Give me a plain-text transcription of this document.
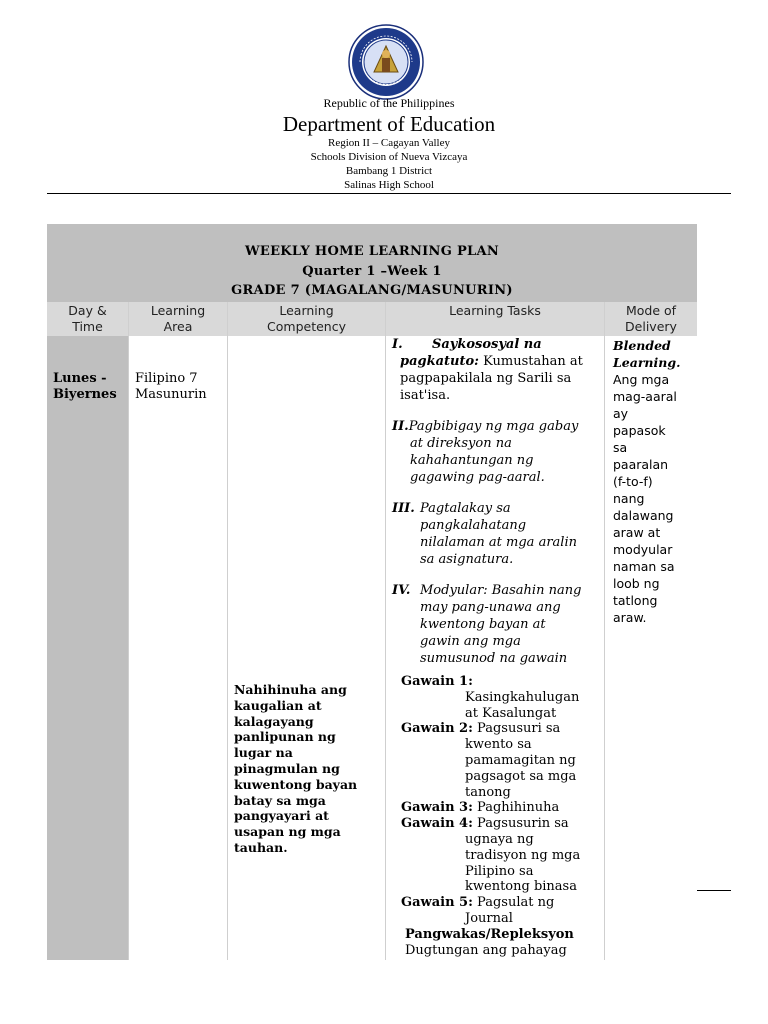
Republic of the Philippines
Department of Education
Region II – Cagayan Valley
Schools Division of Nueva Vizcaya
Bambang 1 District
Salinas High School
WEEKLY HOME LEARNING PLAN
Quarter 1 –Week 1
GRADE 7 (MAGALANG/MASUNURIN)
Day &
Time
Learning
Area
Learning
Competency
Learning Tasks	Mode of
Delivery
Lunes -
Biyernes
Filipino 7
Masunurin
Nahihinuha ang
kaugalian at
kalagayang
panlipunan ng
lugar na
pinagmulan ng
kuwentong bayan
batay sa mga
pangyayari at
usapan ng mga
tauhan.
I. Saykososyal na
pagkatuto: Kumustahan at
pagpapakilala ng Sarili sa
isat'isa.
II.Pagbibigay ng mga gabay
at direksyon na
kahahantungan ng
gagawing pag-aaral.
III. Pagtalakay sa
pangkalahatang
nilalaman at mga aralin
sa asignatura.
IV. Modyular: Basahin nang
may pang-unawa ang
kwentong bayan at
gawin ang mga
sumusunod na gawain
Gawain 1:
Kasingkahulugan
at Kasalungat
Gawain 2: Pagsusuri sa
kwento sa
pamamagitan ng
pagsagot sa mga
tanong
Gawain 3: Paghihinuha
Gawain 4: Pagsusurin sa
ugnaya ng
tradisyon ng mga
Pilipino sa
kwentong binasa
Gawain 5: Pagsulat ng
Journal
Pangwakas/Repleksyon
Dugtungan ang pahayag
Blended
Learning.
Ang mga
mag-aaral
ay
papasok
sa
paaralan
(f-to-f)
nang
dalawang
araw at
modyular
naman sa
loob ng
tatlong
araw.
